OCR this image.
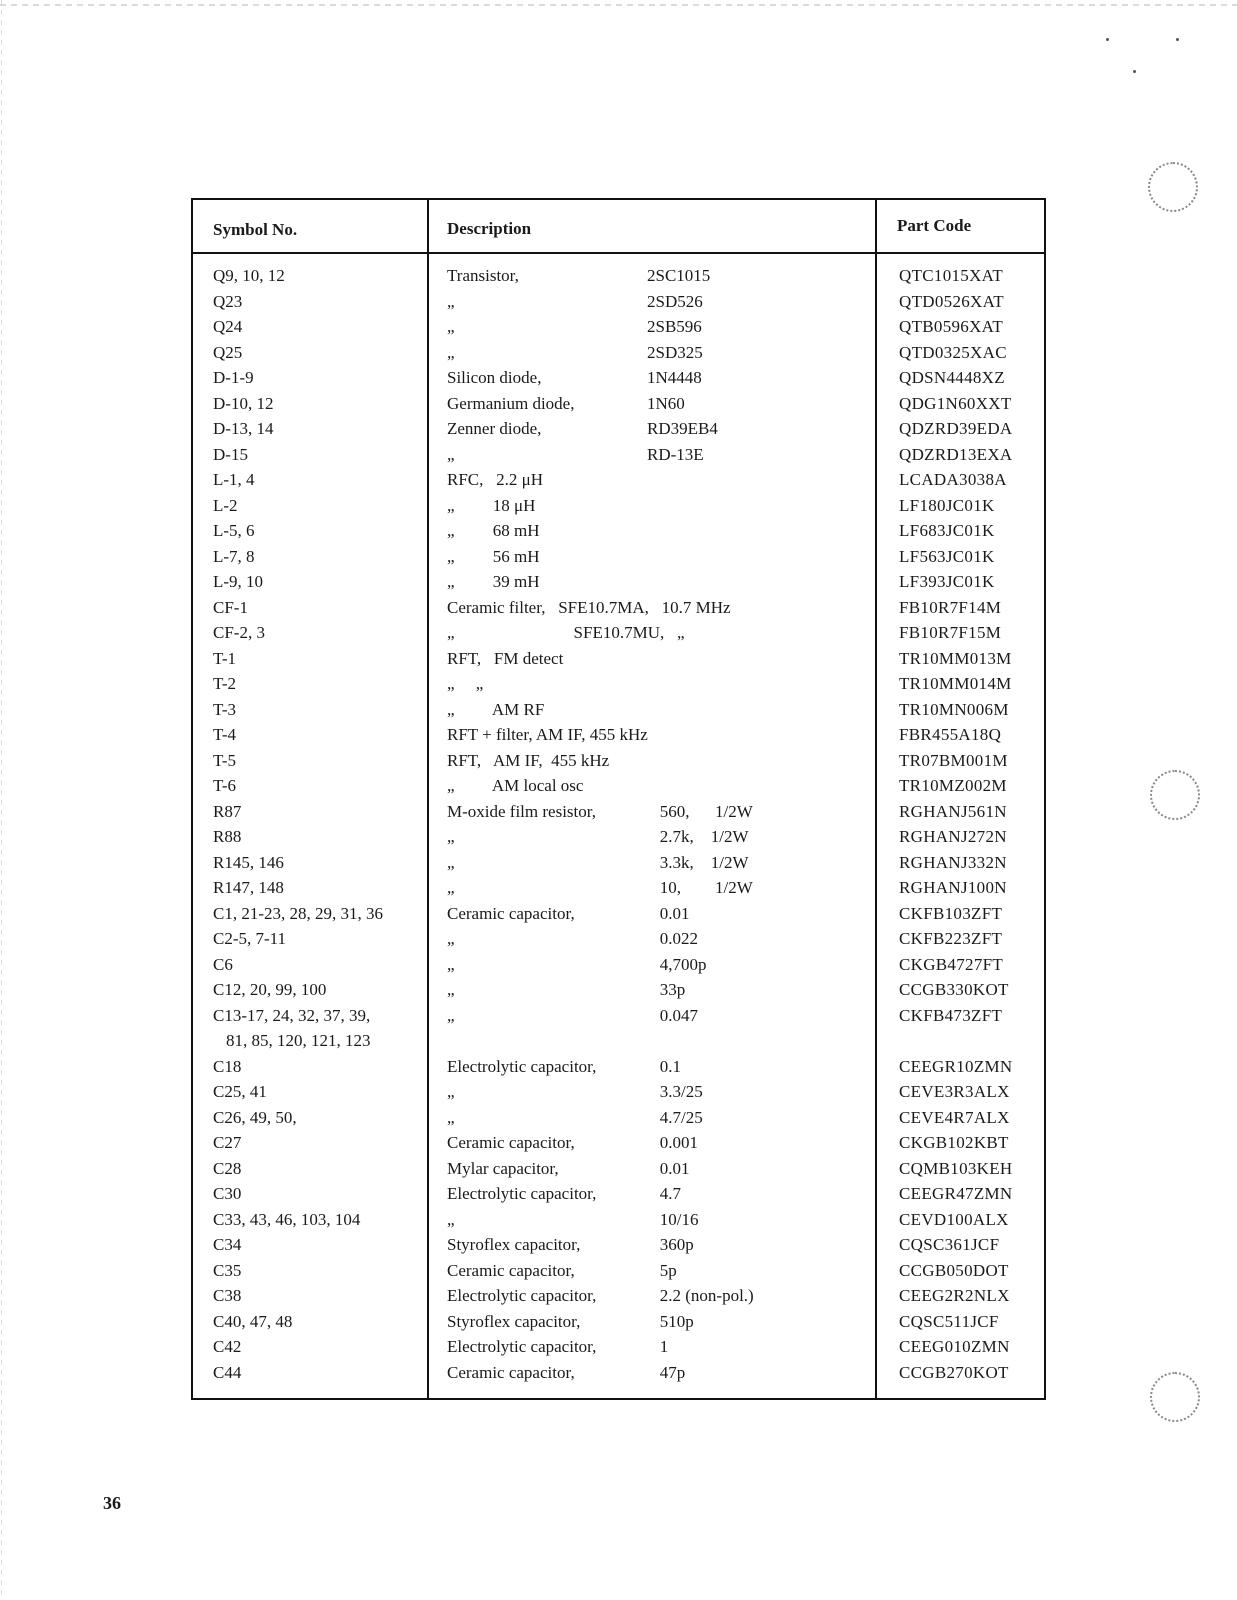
Symbol No.	Description	Part Code
Q9, 10, 12	Transistor,	2SC1015	QTC1015XAT
Q23	„	2SD526	QTD0526XAT
Q24	„	2SB596	QTB0596XAT
Q25	„	2SD325	QTD0325XAC
D-1-9	Silicon diode,	1N4448	QDSN4448XZ
D-10, 12	Germanium diode,	1N60	QDG1N60XXT
D-13, 14	Zenner diode,	RD39EB4	QDZRD39EDA
D-15	„	RD-13E	QDZRD13EXA
L-1, 4	RFC,   2.2 μH	LCADA3038A
L-2	„         18 μH	LF180JC01K
L-5, 6	„         68 mH	LF683JC01K
L-7, 8	„         56 mH	LF563JC01K
L-9, 10	„         39 mH	LF393JC01K
CF-1	Ceramic filter,   SFE10.7MA,   10.7 MHz	FB10R7F14M
CF-2, 3	„                            SFE10.7MU,   „	FB10R7F15M
T-1	RFT,   FM detect	TR10MM013M
T-2	„     „	TR10MM014M
T-3	„         AM RF	TR10MN006M
T-4	RFT + filter, AM IF, 455 kHz	FBR455A18Q
T-5	RFT,   AM IF,  455 kHz	TR07BM001M
T-6	„         AM local osc	TR10MZ002M
R87	M-oxide film resistor,	560,      1/2W	RGHANJ561N
R88	„	2.7k,    1/2W	RGHANJ272N
R145, 146	„	3.3k,    1/2W	RGHANJ332N
R147, 148	„	10,        1/2W	RGHANJ100N
C1, 21-23, 28, 29, 31, 36	Ceramic capacitor,	0.01	CKFB103ZFT
C2-5, 7-11	„	0.022	CKFB223ZFT
C6	„	4,700p	CKGB4727FT
C12, 20, 99, 100	„	33p	CCGB330KOT
C13-17, 24, 32, 37, 39,	„	0.047	CKFB473ZFT
81, 85, 120, 121, 123
C18	Electrolytic capacitor,	0.1	CEEGR10ZMN
C25, 41	„	3.3/25	CEVE3R3ALX
C26, 49, 50,	„	4.7/25	CEVE4R7ALX
C27	Ceramic capacitor,	0.001	CKGB102KBT
C28	Mylar capacitor,	0.01	CQMB103KEH
C30	Electrolytic capacitor,	4.7	CEEGR47ZMN
C33, 43, 46, 103, 104	„	10/16	CEVD100ALX
C34	Styroflex capacitor,	360p	CQSC361JCF
C35	Ceramic capacitor,	5p	CCGB050DOT
C38	Electrolytic capacitor,	2.2 (non-pol.)	CEEG2R2NLX
C40, 47, 48	Styroflex capacitor,	510p	CQSC511JCF
C42	Electrolytic capacitor,	1	CEEG010ZMN
C44	Ceramic capacitor,	47p	CCGB270KOT
36
